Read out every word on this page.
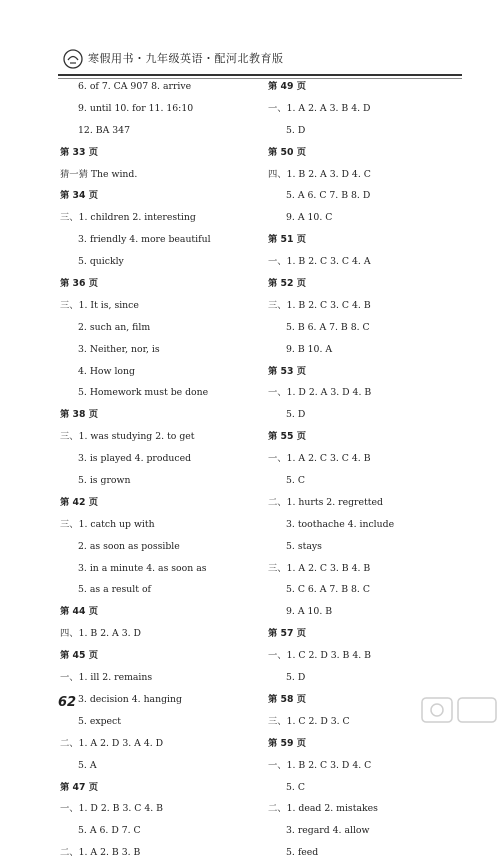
寒假用书・九年级英语・配河北教育版
6. of 7. CA 907 8. arrive
9. until 10. for 11. 16:10
12. BA 347
第 33 页
猜一猜 The wind.
第 34 页
三、1. children 2. interesting
3. friendly 4. more beautiful
5. quickly
第 36 页
三、1. It is, since
2. such an, film
3. Neither, nor, is
4. How long
5. Homework must be done
第 38 页
三、1. was studying 2. to get
3. is played 4. produced
5. is grown
第 42 页
三、1. catch up with
2. as soon as possible
3. in a minute 4. as soon as
5. as a result of
第 44 页
四、1. B 2. A 3. D
第 45 页
一、1. ill 2. remains
3. decision 4. hanging
5. expect
二、1. A 2. D 3. A 4. D
5. A
第 47 页
一、1. D 2. B 3. C 4. B
5. A 6. D 7. C
二、1. A 2. B 3. B
第 49 页
一、1. A 2. A 3. B 4. D
5. D
第 50 页
四、1. B 2. A 3. D 4. C
5. A 6. C 7. B 8. D
9. A 10. C
第 51 页
一、1. B 2. C 3. C 4. A
第 52 页
三、1. B 2. C 3. C 4. B
5. B 6. A 7. B 8. C
9. B 10. A
第 53 页
一、1. D 2. A 3. D 4. B
5. D
第 55 页
一、1. A 2. C 3. C 4. B
5. C
二、1. hurts 2. regretted
3. toothache 4. include
5. stays
三、1. A 2. C 3. B 4. B
5. C 6. A 7. B 8. C
9. A 10. B
第 57 页
一、1. C 2. D 3. B 4. B
5. D
第 58 页
三、1. C 2. D 3. C
第 59 页
一、1. B 2. C 3. D 4. C
5. C
二、1. dead 2. mistakes
3. regard 4. allow
5. feed
62
